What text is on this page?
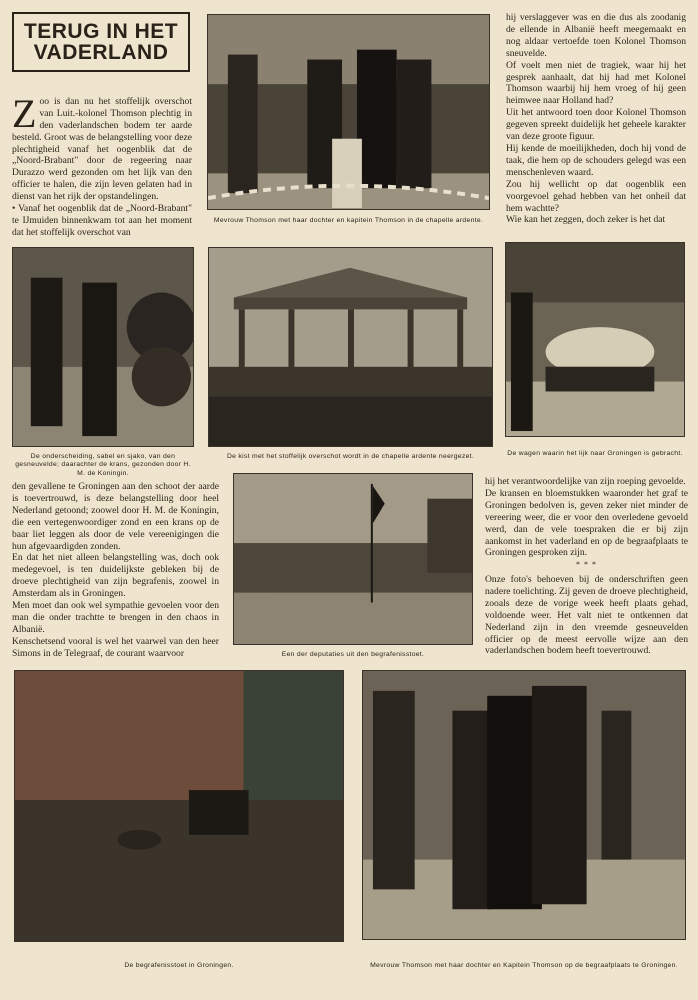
TERUG IN HET
VADERLAND

Zoo is dan nu het stoffelijk overschot van Luit.-kolonel Thomson plechtig in den vaderlandschen bodem ter aarde besteld. Groot was de belangstelling voor deze plechtigheid vanaf het oogenblik dat de „Noord-Brabant" door de regeering naar Durazzo werd gezonden om het lijk van den officier te halen, die zijn leven gelaten had in dienst van het rijk der opstandelingen.
• Vanaf het oogenblik dat de „Noord-Brabant" te IJmuiden binnenkwam tot aan het moment dat het stoffelijk overschot van

Mevrouw Thomson met haar dochter en kapitein Thomson in de chapelle ardente.
hij verslaggever was en die dus als zoodanig de ellende in Albanië heeft meegemaakt en nog aldaar vertoefde toen Kolonel Thomson sneuvelde.
Of voelt men niet de tragiek, waar hij het gesprek aanhaalt, dat hij had met Kolonel Thomson waarbij hij hem vroeg of hij geen heimwee naar Holland had?
Uit het antwoord toen door Kolonel Thomson gegeven spreekt duidelijk het geheele karakter van deze groote figuur.
Hij kende de moeilijkheden, doch hij vond de taak, die hem op de schouders gelegd was een menschenleven waard.
Zou hij wellicht op dat oogenblik een voorgevoel gehad hebben van het onheil dat hem wachtte?
Wie kan het zeggen, doch zeker is het dat
De onderscheiding, sabel en sjako, van den gesneuvelde; daarachter de krans, gezonden door H. M. de Koningin.
De kist met het stoffelijk overschot wordt in de chapelle ardente neergezet.	De wagen waarin het lijk naar Groningen is gebracht.
den gevallene te Groningen aan den schoot der aarde is toevertrouwd, is deze belangstelling door heel Nederland getoond; zoowel door H. M. de Koningin, die een vertegenwoordiger zond en een krans op de baar liet leggen als door de vele vereenigingen die hun afgevaardigden zonden.
En dat het niet alleen belangstelling was, doch ook medegevoel, is ten duidelijkste gebleken bij de droeve plechtigheid van zijn begrafenis, zoowel in Amsterdam als in Groningen.
Men moet dan ook wel sympathie gevoelen voor den man die onder trachtte te brengen in den chaos in Albanië.
Kenschetsend vooral is wel het vaarwel van den heer Simons in de Telegraaf, de courant waarvoor	Een der deputaties uit den begrafenisstoet.
hij het verantwoordelijke van zijn roeping gevoelde.
De kransen en bloemstukken waaronder het graf te Groningen bedolven is, geven zeker niet minder de vereering weer, die er voor den overledene gevoeld werd, dan de vele toespraken die er bij zijn aankomst in het vaderland en op de begraafplaats te Groningen gesproken zijn.
* * *
Onze foto's behoeven bij de onderschriften geen nadere toelichting. Zij geven de droeve plechtigheid, zooals deze de vorige week heeft plaats gehad, voldoende weer. Het valt niet te ontkennen dat Nederland zijn in den vreemde gesneuvelden officier op de meest eervolle wijze aan den vaderlandschen bodem heeft toevertrouwd.
De begrafenisstoet in Groningen.	Mevrouw Thomson met haar dochter en Kapitein Thomson op de begraafplaats te Groningen.
